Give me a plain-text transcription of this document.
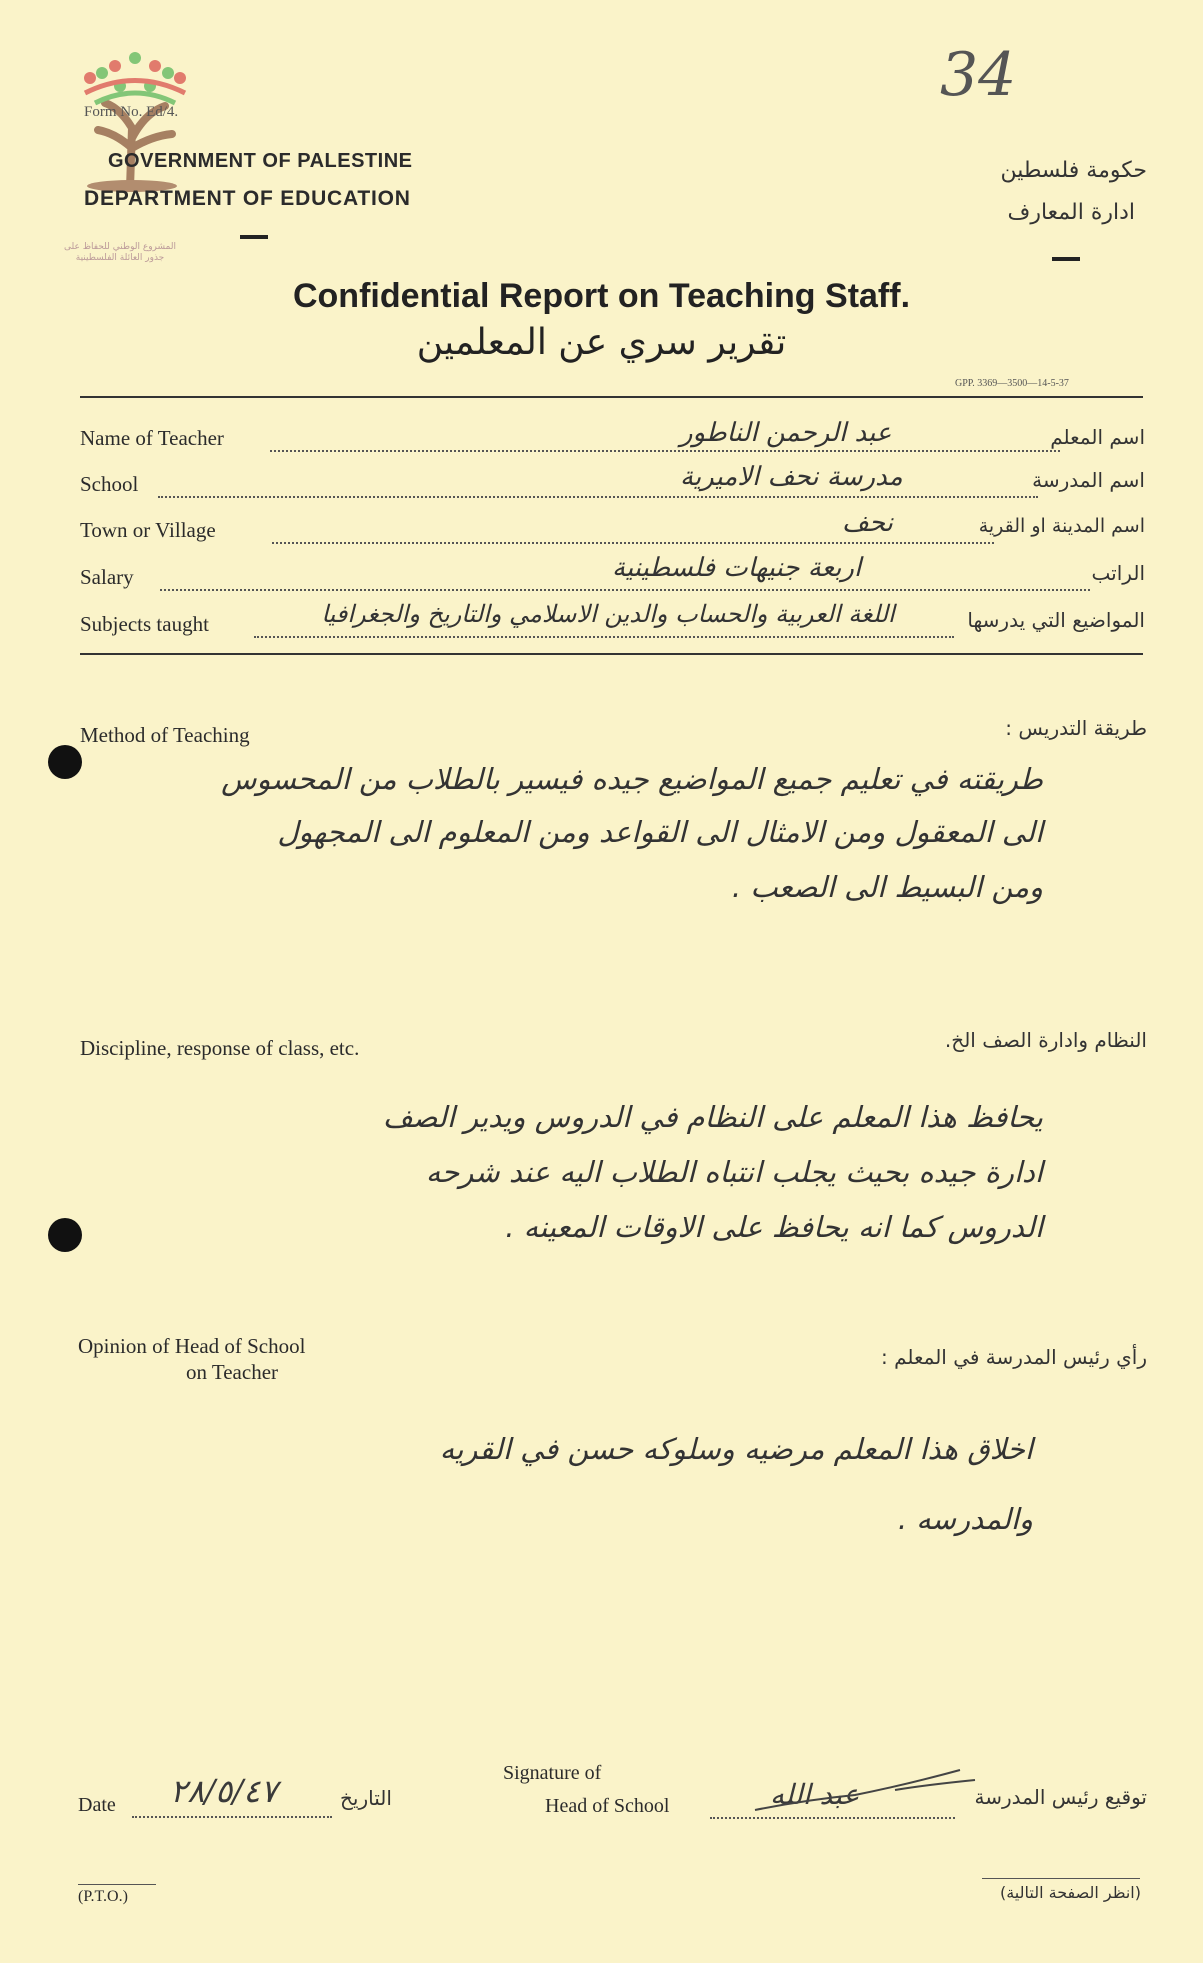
34
المشروع الوطني للحفاظ على جذور العائلة الفلسطينية
Form No. Ed/4.
GOVERNMENT OF PALESTINE
DEPARTMENT OF EDUCATION
حكومة فلسطين
ادارة المعارف
Confidential Report on Teaching Staff.
تقرير سري عن المعلمين
GPP. 3369—3500—14-5-37
Name of Teacher	عبد الرحمن الناطور	اسم المعلم
School	مدرسة نحف الاميرية	اسم المدرسة
Town or Village	نحف	اسم المدينة او القرية
Salary	اربعة جنيهات فلسطينية	الراتب
Subjects taught	اللغة العربية والحساب والدين الاسلامي والتاريخ والجغرافيا	المواضيع التي يدرسها
Method of Teaching	طريقة التدريس :
طريقته في تعليم جميع المواضيع جيده فيسير بالطلاب من المحسوس
الى المعقول ومن الامثال الى القواعد ومن المعلوم الى المجهول
ومن البسيط الى الصعب .
Discipline, response of class, etc.	النظام وادارة الصف الخ.
يحافظ هذا المعلم على النظام في الدروس ويدير الصف
ادارة جيده بحيث يجلب انتباه الطلاب اليه عند شرحه
الدروس كما انه يحافظ على الاوقات المعينه .
Opinion of Head of School
on Teacher
رأي رئيس المدرسة في المعلم :
اخلاق هذا المعلم مرضيه وسلوكه حسن في القريه
والمدرسه .
Date ٢٨/٥/٤٧	التاريخ
Signature of
Head of School	عبد الله	توقيع رئيس المدرسة
(P.T.O.)	(انظر الصفحة التالية)
